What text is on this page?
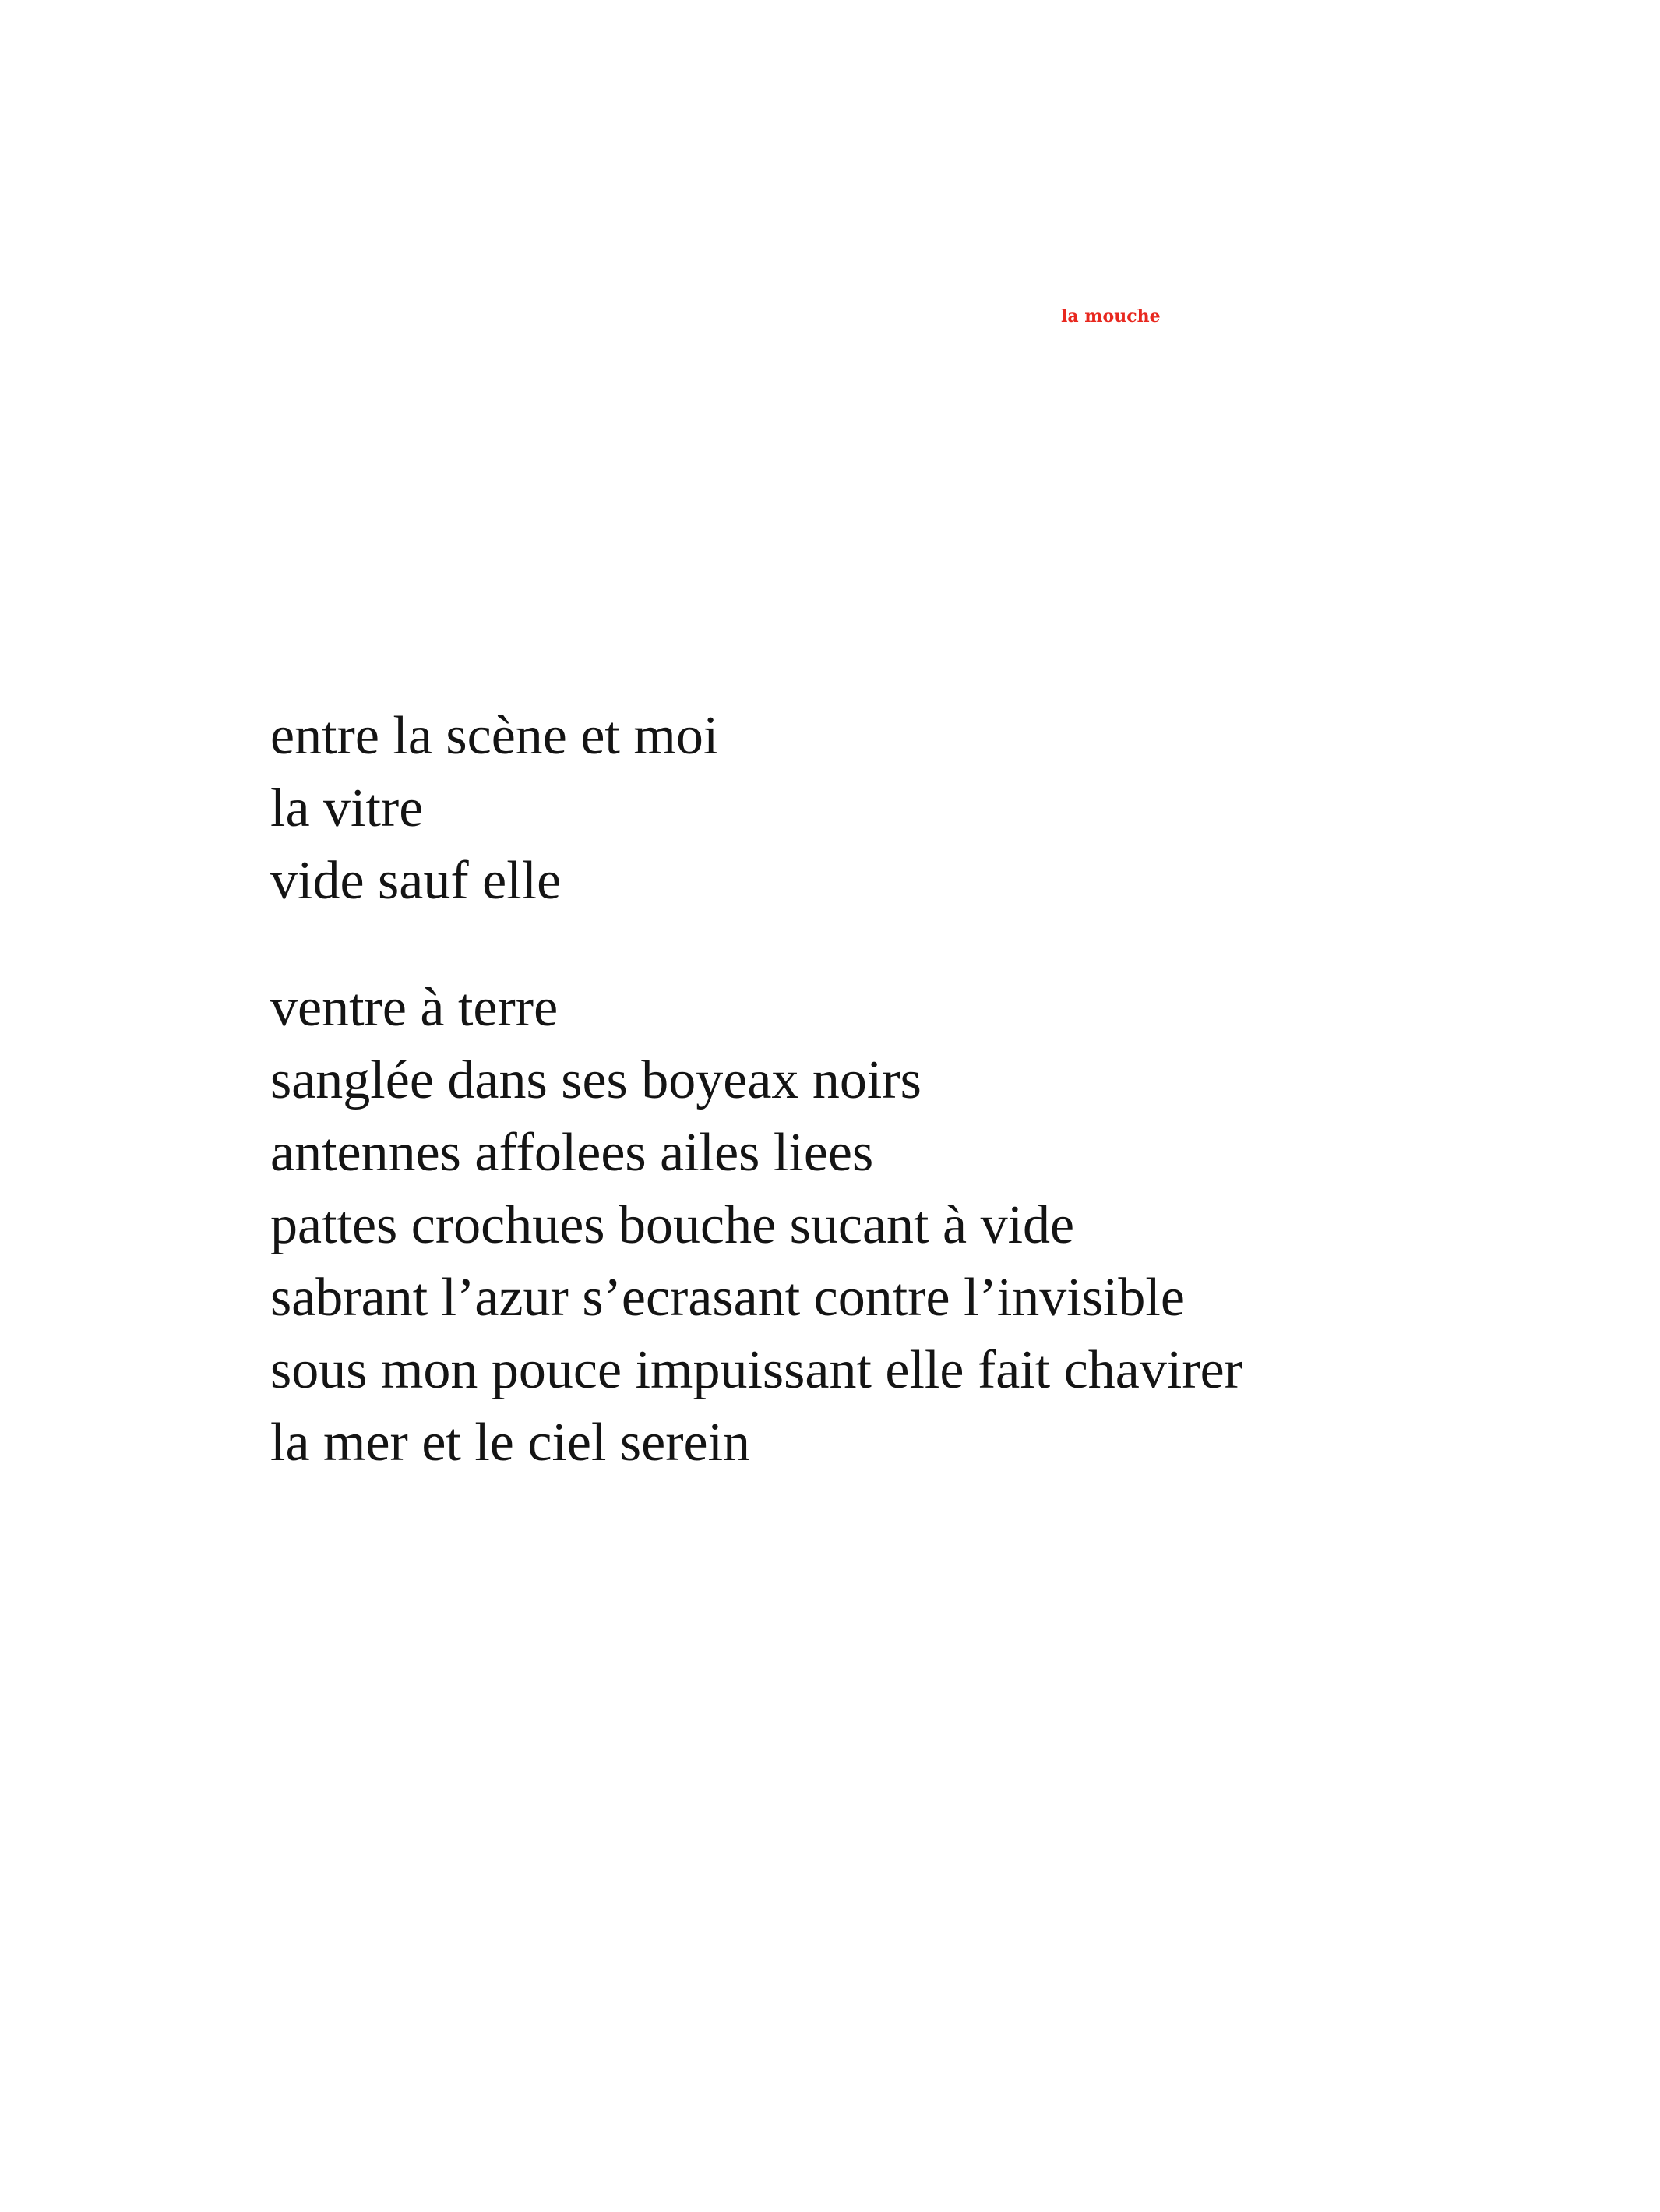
la mouche
entre la scène et moi
la vitre
vide sauf elle
ventre à terre
sanglée dans ses boyeax noirs
antennes affolees ailes liees
pattes crochues bouche sucant à vide
sabrant l’azur s’ecrasant contre l’invisible
sous mon pouce impuissant elle fait chavirer
la mer et le ciel serein
